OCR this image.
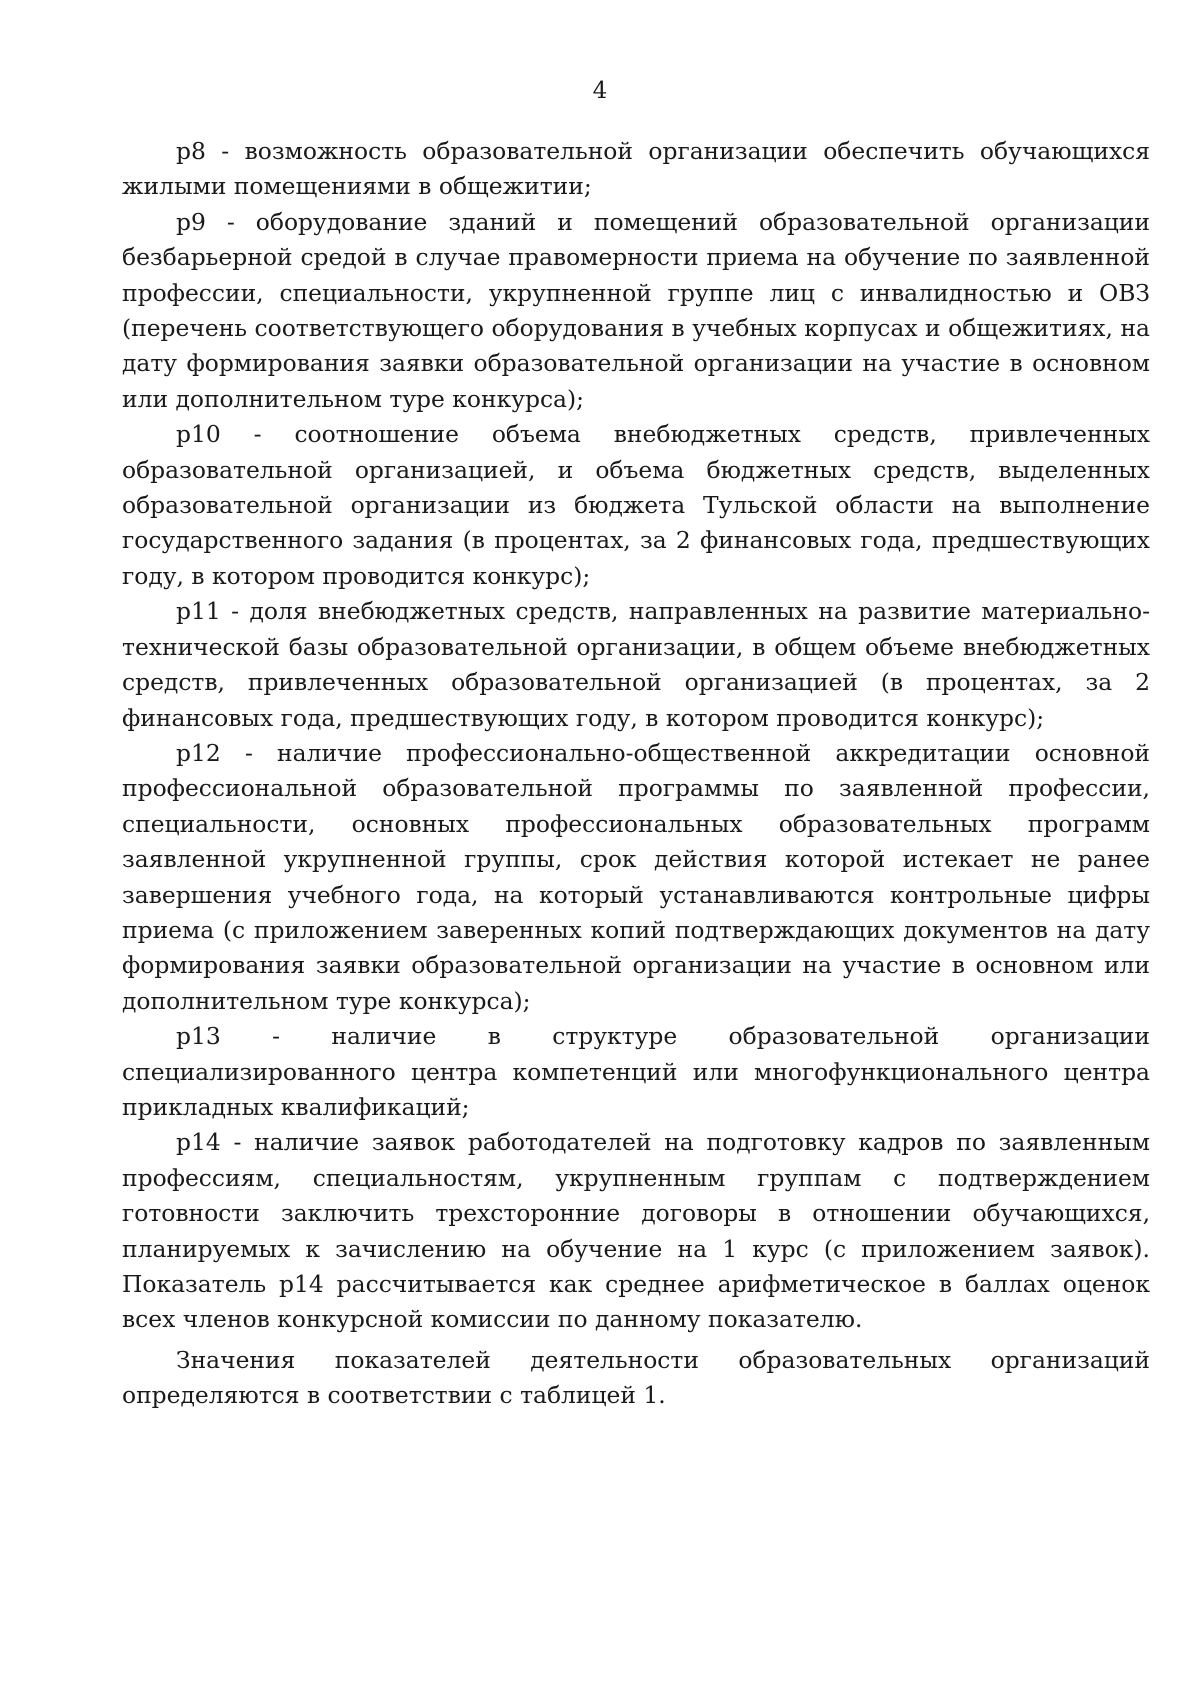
4

р8 - возможность образовательной организации обеспечить обучающихся жилыми помещениями в общежитии;

р9 - оборудование зданий и помещений образовательной организации безбарьерной средой в случае правомерности приема на обучение по заявленной профессии, специальности, укрупненной группе лиц с инвалидностью и ОВЗ (перечень соответствующего оборудования в учебных корпусах и общежитиях, на дату формирования заявки образовательной организации на участие в основном или дополнительном туре конкурса);

р10 - соотношение объема внебюджетных средств, привлеченных образовательной организацией, и объема бюджетных средств, выделенных образовательной организации из бюджета Тульской области на выполнение государственного задания (в процентах, за 2 финансовых года, предшествующих году, в котором проводится конкурс);

р11 - доля внебюджетных средств, направленных на развитие материально-технической базы образовательной организации, в общем объеме внебюджетных средств, привлеченных образовательной организацией (в процентах, за 2 финансовых года, предшествующих году, в котором проводится конкурс);

р12 - наличие профессионально-общественной аккредитации основной профессиональной образовательной программы по заявленной профессии, специальности, основных профессиональных образовательных программ заявленной укрупненной группы, срок действия которой истекает не ранее завершения учебного года, на который устанавливаются контрольные цифры приема (с приложением заверенных копий подтверждающих документов на дату формирования заявки образовательной организации на участие в основном или дополнительном туре конкурса);

р13 - наличие в структуре образовательной организации специализированного центра компетенций или многофункционального центра прикладных квалификаций;

р14 - наличие заявок работодателей на подготовку кадров по заявленным профессиям, специальностям, укрупненным группам с подтверждением готовности заключить трехсторонние договоры в отношении обучающихся, планируемых к зачислению на обучение на 1 курс (с приложением заявок). Показатель р14 рассчитывается как среднее арифметическое в баллах оценок всех членов конкурсной комиссии по данному показателю.

Значения показателей деятельности образовательных организаций определяются в соответствии с таблицей 1.
